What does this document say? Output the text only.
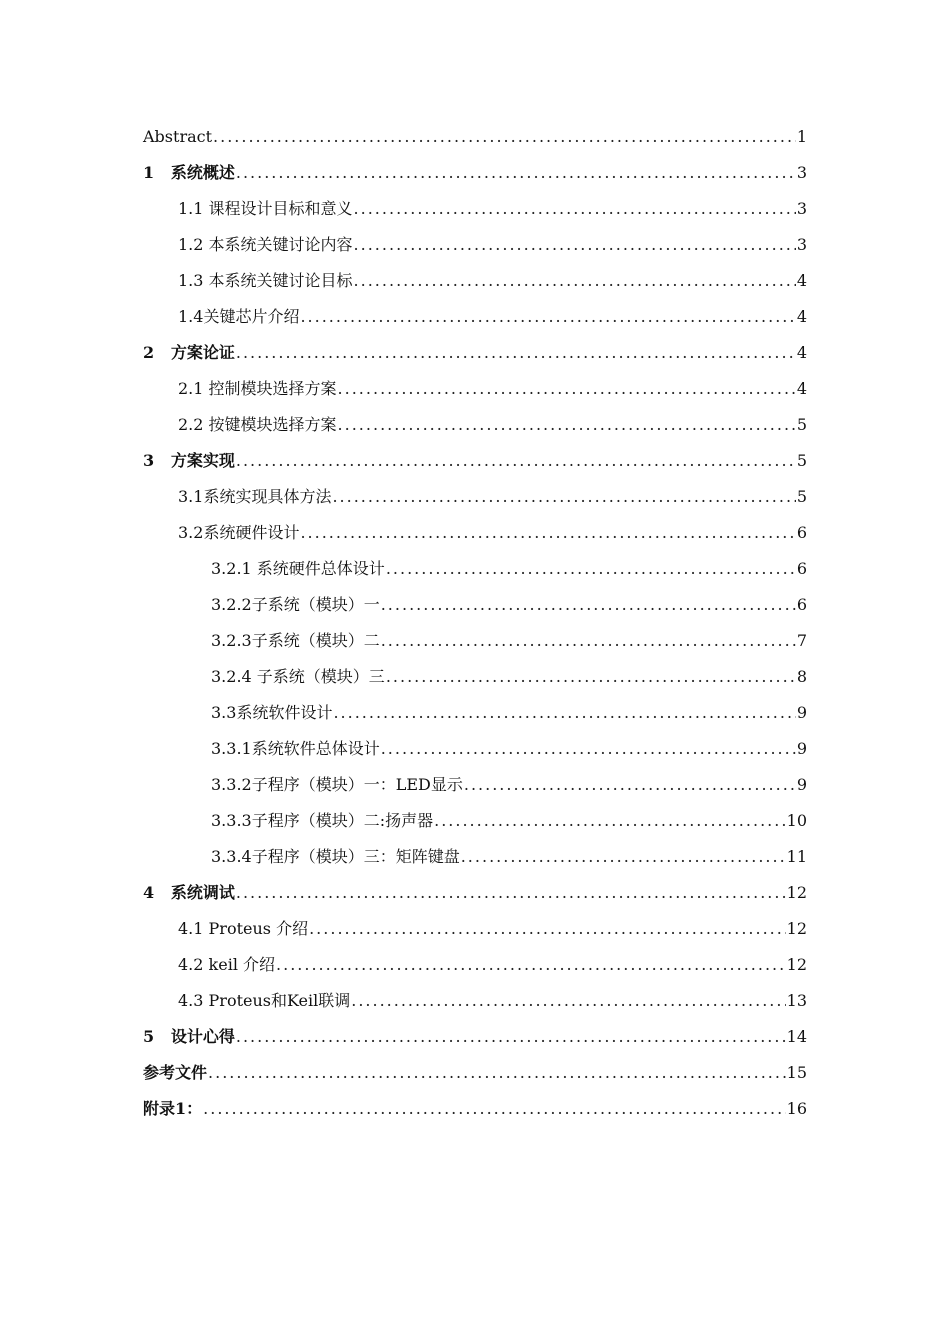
Abstract .....	1
1   系统概述 .....	3
1.1 课程设计目标和意义 .....	3
1.2 本系统关键讨论内容 .....	3
1.3 本系统关键讨论目标 .....	4
1.4关键芯片介绍 .....	4
2   方案论证 .....	4
2.1 控制模块选择方案 .....	4
2.2 按键模块选择方案 .....	5
3   方案实现 .....	5
3.1系统实现具体方法 .....	5
3.2系统硬件设计 .....	6
3.2.1 系统硬件总体设计 .....	6
3.2.2子系统（模块）一 .....	6
3.2.3子系统（模块）二 .....	7
3.2.4 子系统（模块）三 .....	8
3.3系统软件设计 .....	9
3.3.1系统软件总体设计 .....	9
3.3.2子程序（模块）一：LED显示 .....	9
3.3.3子程序（模块）二:扬声器 .....	10
3.3.4子程序（模块）三：矩阵键盘 .....	11
4   系统调试 .....	12
4.1 Proteus 介绍 .....	12
4.2 keil 介绍 .....	12
4.3 Proteus和Keil联调 .....	13
5   设计心得 .....	14
参考文件 .....	15
附录1： .....	16
